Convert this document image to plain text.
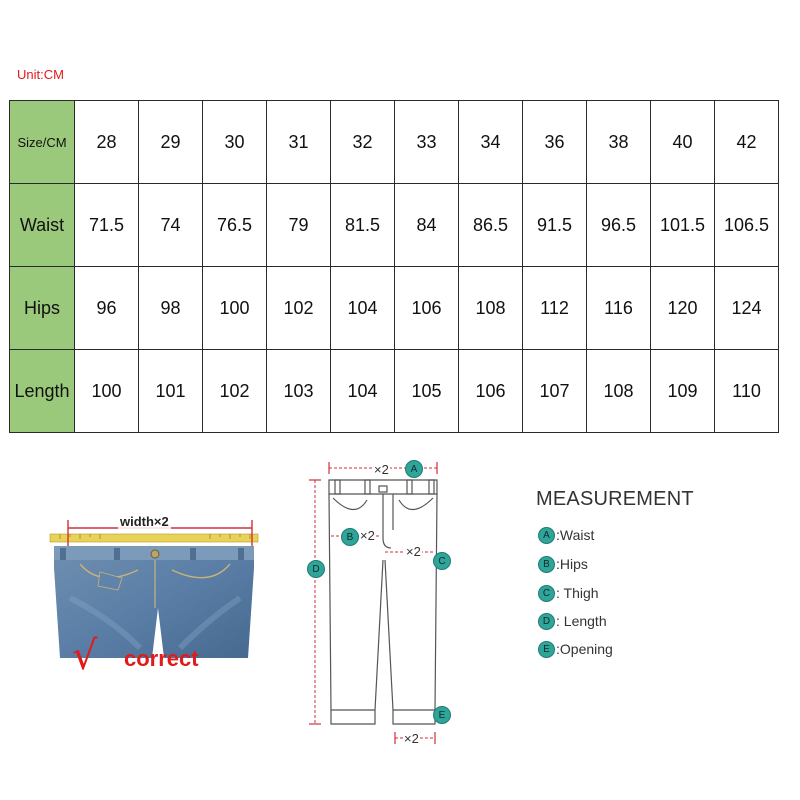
Unit:CM
Size/CM	28	29	30	31	32	33	34	36	38	40	42
Waist	71.5	74	76.5	79	81.5	84	86.5	91.5	96.5	101.5	106.5
Hips	96	98	100	102	104	106	108	112	116	120	124
Length	100	101	102	103	104	105	106	107	108	109	110
width×2
√ correct
×2	A
B ×2
×2
C
D
E
×2
MEASUREMENT
A :Waist
B :Hips
C : Thigh
D : Length
E :Opening
